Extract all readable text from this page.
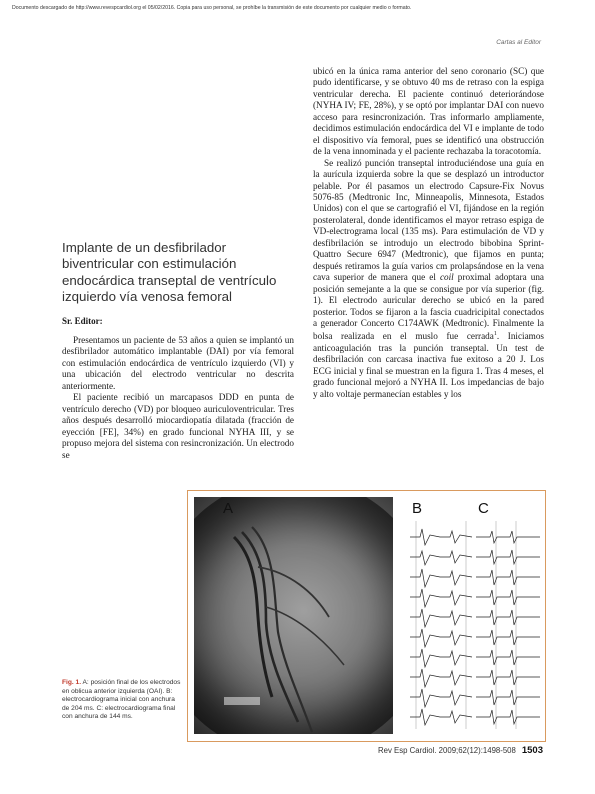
Documento descargado de http://www.revespcardiol.org el 05/02/2016. Copia para uso personal, se prohíbe la transmisión de este documento por cualquier medio o formato.
Cartas al Editor
Implante de un desfibrilador biventricular con estimulación endocárdica transeptal de ventrículo izquierdo vía venosa femoral

Sr. Editor:

Presentamos un paciente de 53 años a quien se implantó un desfibrilador automático implantable (DAI) por vía femoral con estimulación endocárdica de ventrículo izquierdo (VI) y una ubicación del electrodo ventricular no descrita anteriormente.

El paciente recibió un marcapasos DDD en punta de ventrículo derecho (VD) por bloqueo auriculoventricular. Tres años después desarrolló miocardiopatía dilatada (fracción de eyección [FE], 34%) en grado funcional NYHA III, y se propuso mejora del sistema con resincronización. Un electrodo se

ubicó en la única rama anterior del seno coronario (SC) que pudo identificarse, y se obtuvo 40 ms de retraso con la espiga ventricular derecha. El paciente continuó deteriorándose (NYHA IV; FE, 28%), y se optó por implantar DAI con nuevo acceso para resincronización. Tras informarlo ampliamente, decidimos estimulación endocárdica del VI e implante de todo el dispositivo vía femoral, pues se identificó una obstrucción de la vena innominada y el paciente rechazaba la toracotomía.

Se realizó punción transeptal introduciéndose una guía en la aurícula izquierda sobre la que se desplazó un introductor pelable. Por él pasamos un electrodo Capsure-Fix Novus 5076-85 (Medtronic Inc, Minneapolis, Minnesota, Estados Unidos) con el que se cartografió el VI, fijándose en la región posterolateral, donde identificamos el mayor retraso espiga de VD-electrograma local (135 ms). Para estimulación de VD y desfibrilación se introdujo un electrodo bibobina Sprint-Quattro Secure 6947 (Medtronic), que fijamos en punta; después retiramos la guía varios cm prolapsándose en la vena cava superior de manera que el coil proximal adoptara una posición semejante a la que se consigue por vía superior (fig. 1). El electrodo auricular derecho se ubicó en la pared posterior. Todos se fijaron a la fascia cuadricipital conectados a generador Concerto C174AWK (Medtronic). Finalmente la bolsa realizada en el muslo fue cerrada$^1$. Iniciamos anticoagulación tras la punción transeptal. Un test de desfibrilación con carcasa inactiva fue exitoso a 20 J. Los ECG inicial y final se muestran en la figura 1. Tras 4 meses, el grado funcional mejoró a NYHA II. Los impedancias de bajo y alto voltaje permanecían estables y los

A	B	C
Fig. 1. A: posición final de los electrodos en oblicua anterior izquierda (OAI). B: electrocardiograma inicial con anchura de 204 ms. C: electrocardiograma final con anchura de 144 ms.
Rev Esp Cardiol. 2009;62(12):1498-508 1503
